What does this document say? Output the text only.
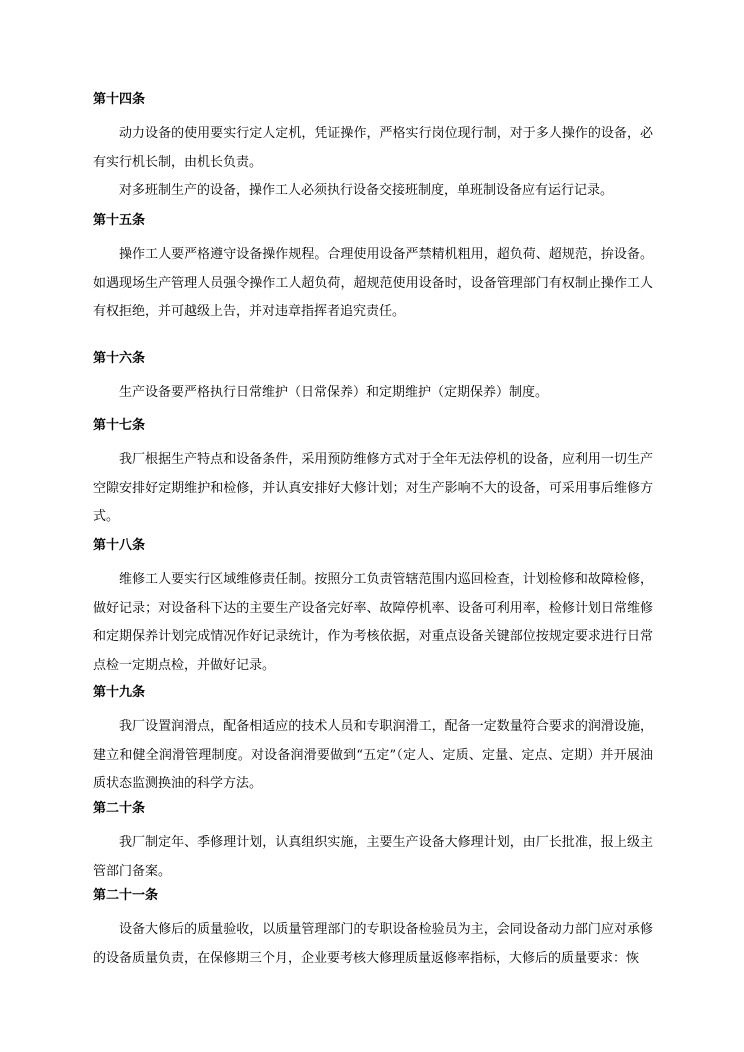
第十四条

动力设备的使用要实行定人定机，凭证操作，严格实行岗位现行制，对于多人操作的设备，必有实行机长制，由机长负责。

对多班制生产的设备，操作工人必须执行设备交接班制度，单班制设备应有运行记录。

第十五条

操作工人要严格遵守设备操作规程。合理使用设备严禁精机粗用，超负荷、超规范，拚设备。如遇现场生产管理人员强令操作工人超负荷，超规范使用设备时，设备管理部门有权制止操作工人有权拒绝，并可越级上告，并对违章指挥者追究责任。

第十六条

生产设备要严格执行日常维护（日常保养）和定期维护（定期保养）制度。

第十七条

我厂根据生产特点和设备条件，采用预防维修方式对于全年无法停机的设备，应利用一切生产空隙安排好定期维护和检修，并认真安排好大修计划；对生产影响不大的设备，可采用事后维修方式。

第十八条

维修工人要实行区域维修责任制。按照分工负责管辖范围内巡回检查，计划检修和故障检修，做好记录；对设备科下达的主要生产设备完好率、故障停机率、设备可利用率，检修计划日常维修和定期保养计划完成情况作好记录统计，作为考核依据，对重点设备关键部位按规定要求进行日常点检一定期点检，并做好记录。

第十九条

我厂设置润滑点，配备相适应的技术人员和专职润滑工，配备一定数量符合要求的润滑设施，建立和健全润滑管理制度。对设备润滑要做到“五定”（定人、定质、定量、定点、定期）并开展油质状态监测换油的科学方法。

第二十条

我厂制定年、季修理计划，认真组织实施，主要生产设备大修理计划，由厂长批准，报上级主管部门备案。

第二十一条

设备大修后的质量验收，以质量管理部门的专职设备检验员为主，会同设备动力部门应对承修的设备质量负责，在保修期三个月，企业要考核大修理质量返修率指标，大修后的质量要求：恢
